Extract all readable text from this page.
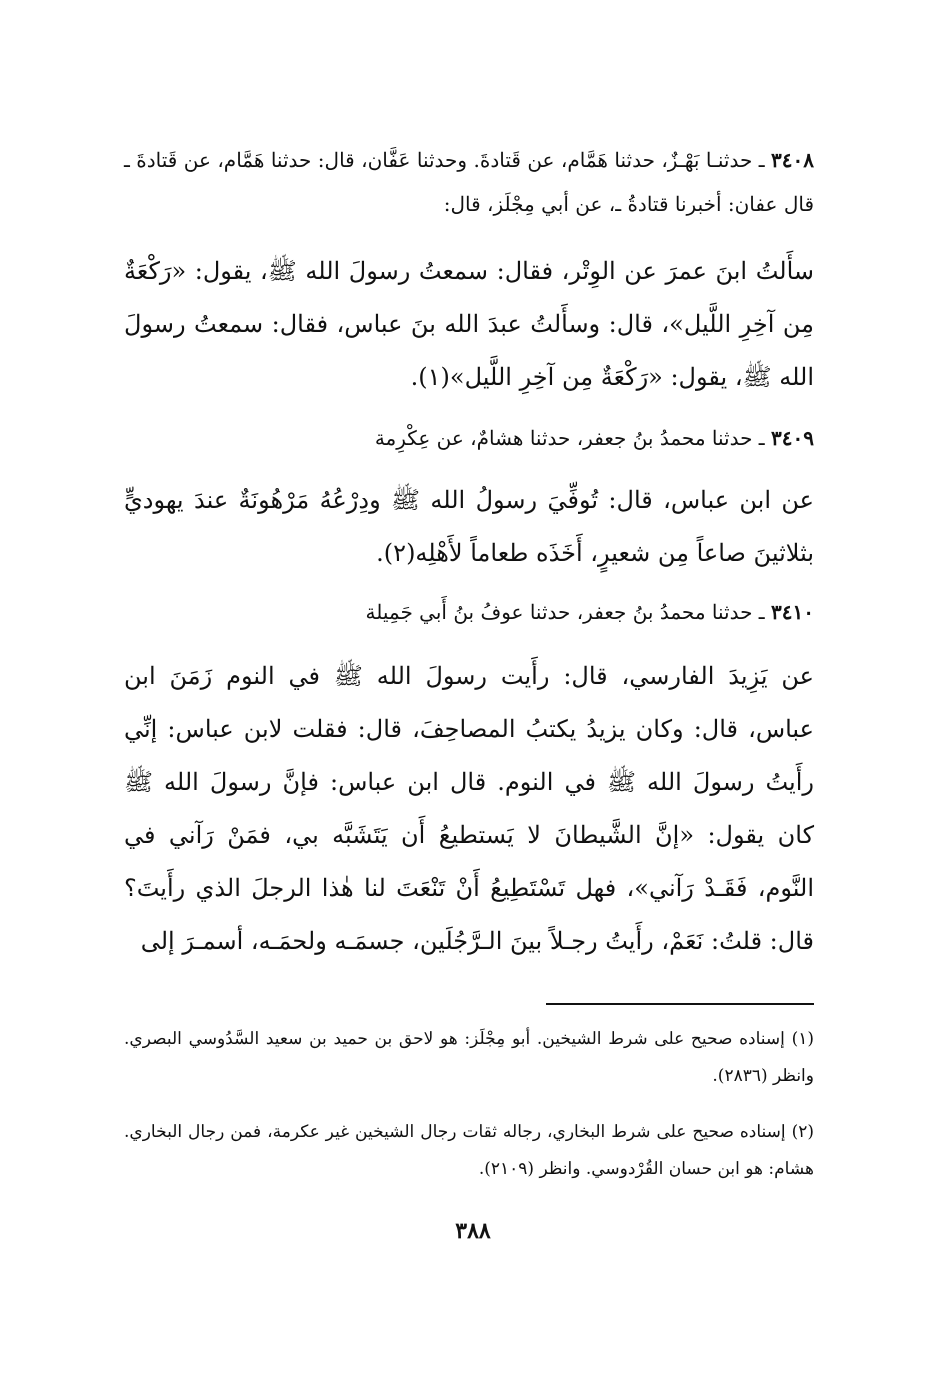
٣٤٠٨ ـ حدثنـا بَهْـزٌ، حدثنا هَمَّام، عن قَتادةَ. وحدثنا عَفَّان، قال: حدثنا هَمَّام، عن قَتادةَ ـ قال عفان: أخبرنا قتادةُ ـ، عن أبي مِجْلَز، قال:

سأَلتُ ابنَ عمرَ عن الوِتْر، فقال: سمعتُ رسولَ الله ﷺ، يقول: «رَكْعَةٌ مِن آخِرِ اللَّيل»، قال: وسأَلتُ عبدَ الله بنَ عباس، فقال: سمعتُ رسولَ الله ﷺ، يقول: «رَكْعَةٌ مِن آخِرِ اللَّيل»(١).

٣٤٠٩ ـ حدثنا محمدُ بنُ جعفر، حدثنا هشامٌ، عن عِكْرِمة

عن ابن عباس، قال: تُوفِّيَ رسولُ الله ﷺ ودِرْعُهُ مَرْهُونَةٌ عندَ يهوديٍّ بثلاثينَ صاعاً مِن شعيرٍ، أَخَذَه طعاماً لأَهْلِه(٢).

٣٤١٠ ـ حدثنا محمدُ بنُ جعفر، حدثنا عوفُ بنُ أَبي جَمِيلة

عن يَزِيدَ الفارسي، قال: رأَيت رسولَ الله ﷺ في النوم زَمَنَ ابن عباس، قال: وكان يزيدُ يكتبُ المصاحِفَ، قال: فقلت لابن عباس: إنِّي رأَيتُ رسولَ الله ﷺ في النوم. قال ابن عباس: فإنَّ رسولَ الله ﷺ كان يقول: «إنَّ الشَّيطانَ لا يَستطيعُ أَن يَتَشَبَّه بي، فمَنْ رَآني في النَّوم، فَقَـدْ رَآني»، فهل تَسْتَطِيعُ أَنْ تَنْعَتَ لنا هٰذا الرجلَ الذي رأَيتَ؟ قال: قلتُ: نَعَمْ، رأَيتُ رجـلاً بينَ الـرَّجُلَين، جسمَـه ولحمَـه، أسمـرَ إلى

(١) إسناده صحيح على شرط الشيخين. أبو مِجْلَز: هو لاحق بن حميد بن سعيد السَّدُوسي البصري. وانظر (٢٨٣٦).

(٢) إسناده صحيح على شرط البخاري، رجاله ثقات رجال الشيخين غير عكرمة، فمن رجال البخاري. هشام: هو ابن حسان القُرْدوسي. وانظر (٢١٠٩).

٣٨٨
